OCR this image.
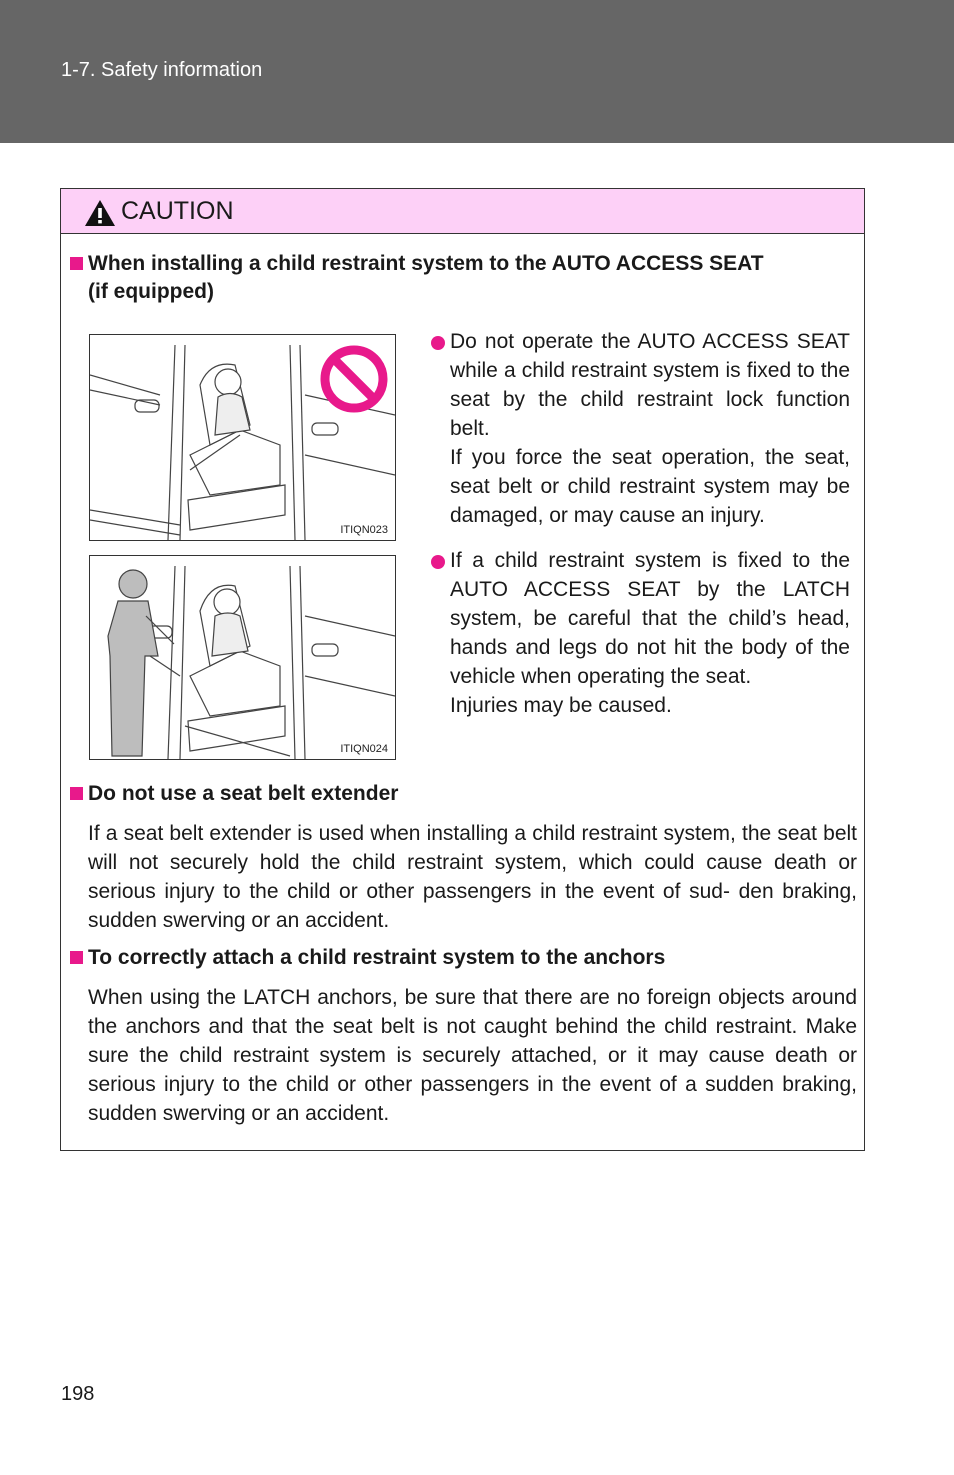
1-7. Safety information
CAUTION
When installing a child restraint system to the AUTO ACCESS SEAT
(if equipped)
ITIQN023
ITIQN024

Do not operate the AUTO ACCESS SEAT while a child restraint system is fixed to the seat by the child restraint lock function belt.

If you force the seat operation, the seat, seat belt or child restraint system may be damaged, or may cause an injury.

If a child restraint system is fixed to the AUTO ACCESS SEAT by the LATCH system, be careful that the child’s head, hands and legs do not hit the body of the vehicle when operating the seat.

Injuries may be caused.

Do not use a seat belt extender
If a seat belt extender is used when installing a child restraint system, the seat belt will not securely hold the child restraint system, which could cause death or serious injury to the child or other passengers in the event of sud- den braking, sudden swerving or an accident.
To correctly attach a child restraint system to the anchors
When using the LATCH anchors, be sure that there are no foreign objects around the anchors and that the seat belt is not caught behind the child restraint. Make sure the child restraint system is securely attached, or it may cause death or serious injury to the child or other passengers in the event of a sudden braking, sudden swerving or an accident.
198
